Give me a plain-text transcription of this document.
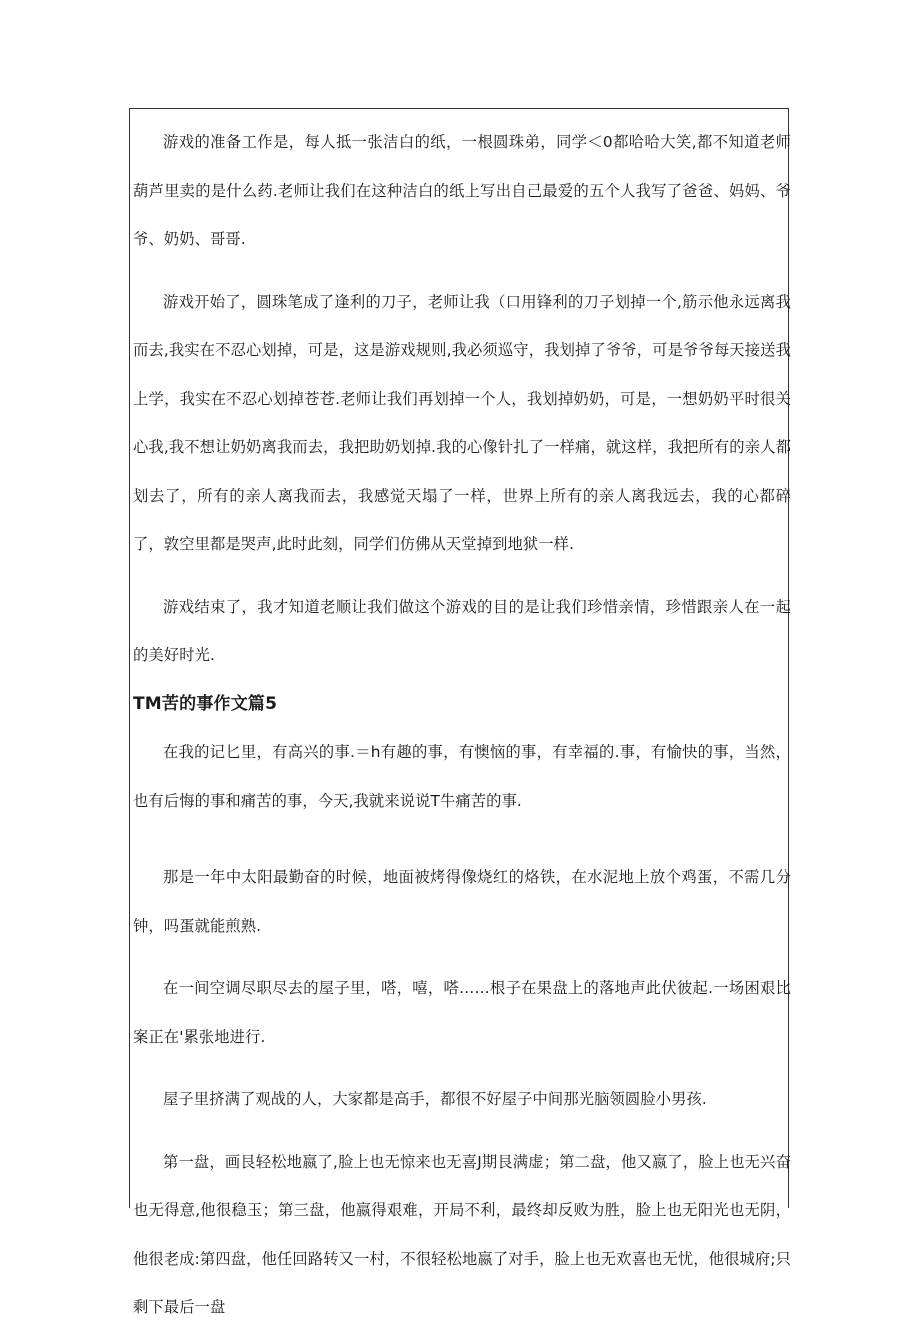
游戏的准备工作是，每人抵一张洁白的纸，一根圆珠弟，同学＜0都哈哈大笑,都不知道老师葫芦里卖的是什么药.老师让我们在这种洁白的纸上写出自己最爱的五个人我写了爸爸、妈妈、爷爷、奶奶、哥哥.

游戏开始了，圆珠笔成了逢利的刀子，老师让我（口用锋利的刀子划掉一个,筋示他永远离我而去,我实在不忍心划掉，可是，这是游戏规则,我必须巡守，我划掉了爷爷，可是爷爷每天接送我上学，我实在不忍心划掉苍苍.老师让我们再划掉一个人，我划掉奶奶，可是，一想奶奶平时很关心我,我不想让奶奶离我而去，我把助奶划掉.我的心像针扎了一样痛，就这样，我把所有的亲人都划去了，所有的亲人离我而去，我感觉天塌了一样，世界上所有的亲人离我远去，我的心都碎了，敦空里都是哭声,此时此刻，同学们仿佛从天堂掉到地狱一样.

游戏结束了，我才知道老顺让我们做这个游戏的目的是让我们珍惜亲情，珍惜跟亲人在一起的美好时光.

TM苦的事作文篇5

在我的记匕里，有高兴的事.＝h有趣的事，有懊恼的事，有幸福的.事，有愉快的事，当然，也有后悔的事和痛苦的事，今天,我就来说说T牛痛苦的事.

那是一年中太阳最勤奋的时候，地面被烤得像烧红的烙铁，在水泥地上放个鸡蛋，不需几分钟，吗蛋就能煎熟.

在一间空调尽职尽去的屋子里，嗒，嘻，嗒……根子在果盘上的落地声此伏彼起.一场困艰比案正在'累张地进行.

屋子里挤满了观战的人，大家都是高手，都很不好屋子中间那光脑领圆脸小男孩.

第一盘，画艮轻松地嬴了,脸上也无惊来也无喜J期艮满虚；第二盘，他又嬴了，脸上也无兴奋也无得意,他很稳玉；第三盘，他嬴得艰难，开局不利，最终却反败为胜，脸上也无阳光也无阴，他很老成:第四盘，他任回路转又一村，不很轻松地嬴了对手，脸上也无欢喜也无忧，他很城府;只剩下最后一盘
